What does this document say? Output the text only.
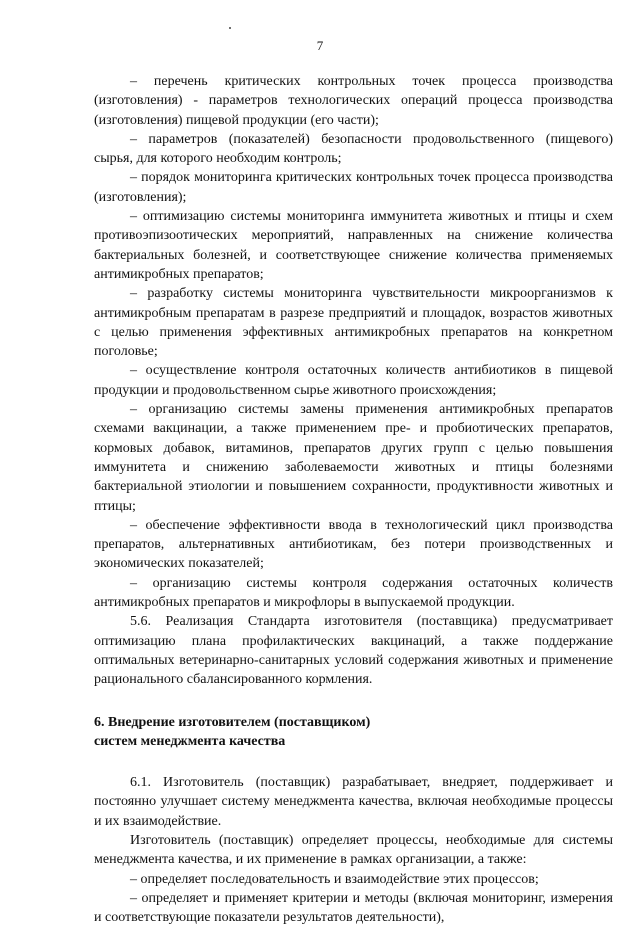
7

– перечень критических контрольных точек процесса производства (изготовления) - параметров технологических операций процесса производства (изготовления) пищевой продукции (его части);

– параметров (показателей) безопасности продовольственного (пищевого) сырья, для которого необходим контроль;

– порядок мониторинга критических контрольных точек процесса производства (изготовления);

– оптимизацию системы мониторинга иммунитета животных и птицы и схем противоэпизоотических мероприятий, направленных на снижение количества бактериальных болезней, и соответствующее снижение количества применяемых антимикробных препаратов;

– разработку системы мониторинга чувствительности микроорганизмов к антимикробным препаратам в разрезе предприятий и площадок, возрастов животных с целью применения эффективных антимикробных препаратов на конкретном поголовье;

– осуществление контроля остаточных количеств антибиотиков в пищевой продукции и продовольственном сырье животного происхождения;

– организацию системы замены применения антимикробных препаратов схемами вакцинации, а также применением пре- и пробиотических препаратов, кормовых добавок, витаминов, препаратов других групп с целью повышения иммунитета и снижению заболеваемости животных и птицы болезнями бактериальной этиологии и повышением сохранности, продуктивности животных и птицы;

– обеспечение эффективности ввода в технологический цикл производства препаратов, альтернативных антибиотикам, без потери производственных и экономических показателей;

– организацию системы контроля содержания остаточных количеств антимикробных препаратов и микрофлоры в выпускаемой продукции.

5.6. Реализация Стандарта изготовителя (поставщика) предусматривает оптимизацию плана профилактических вакцинаций, а также поддержание оптимальных ветеринарно-санитарных условий содержания животных и применение рационального сбалансированного кормления.

6. Внедрение изготовителем (поставщиком)
систем менеджмента качества

6.1. Изготовитель (поставщик) разрабатывает, внедряет, поддерживает и постоянно улучшает систему менеджмента качества, включая необходимые процессы и их взаимодействие.

Изготовитель (поставщик) определяет процессы, необходимые для системы менеджмента качества, и их применение в рамках организации, а также:

– определяет последовательность и взаимодействие этих процессов;

– определяет и применяет критерии и методы (включая мониторинг, измерения и соответствующие показатели результатов деятельности),
